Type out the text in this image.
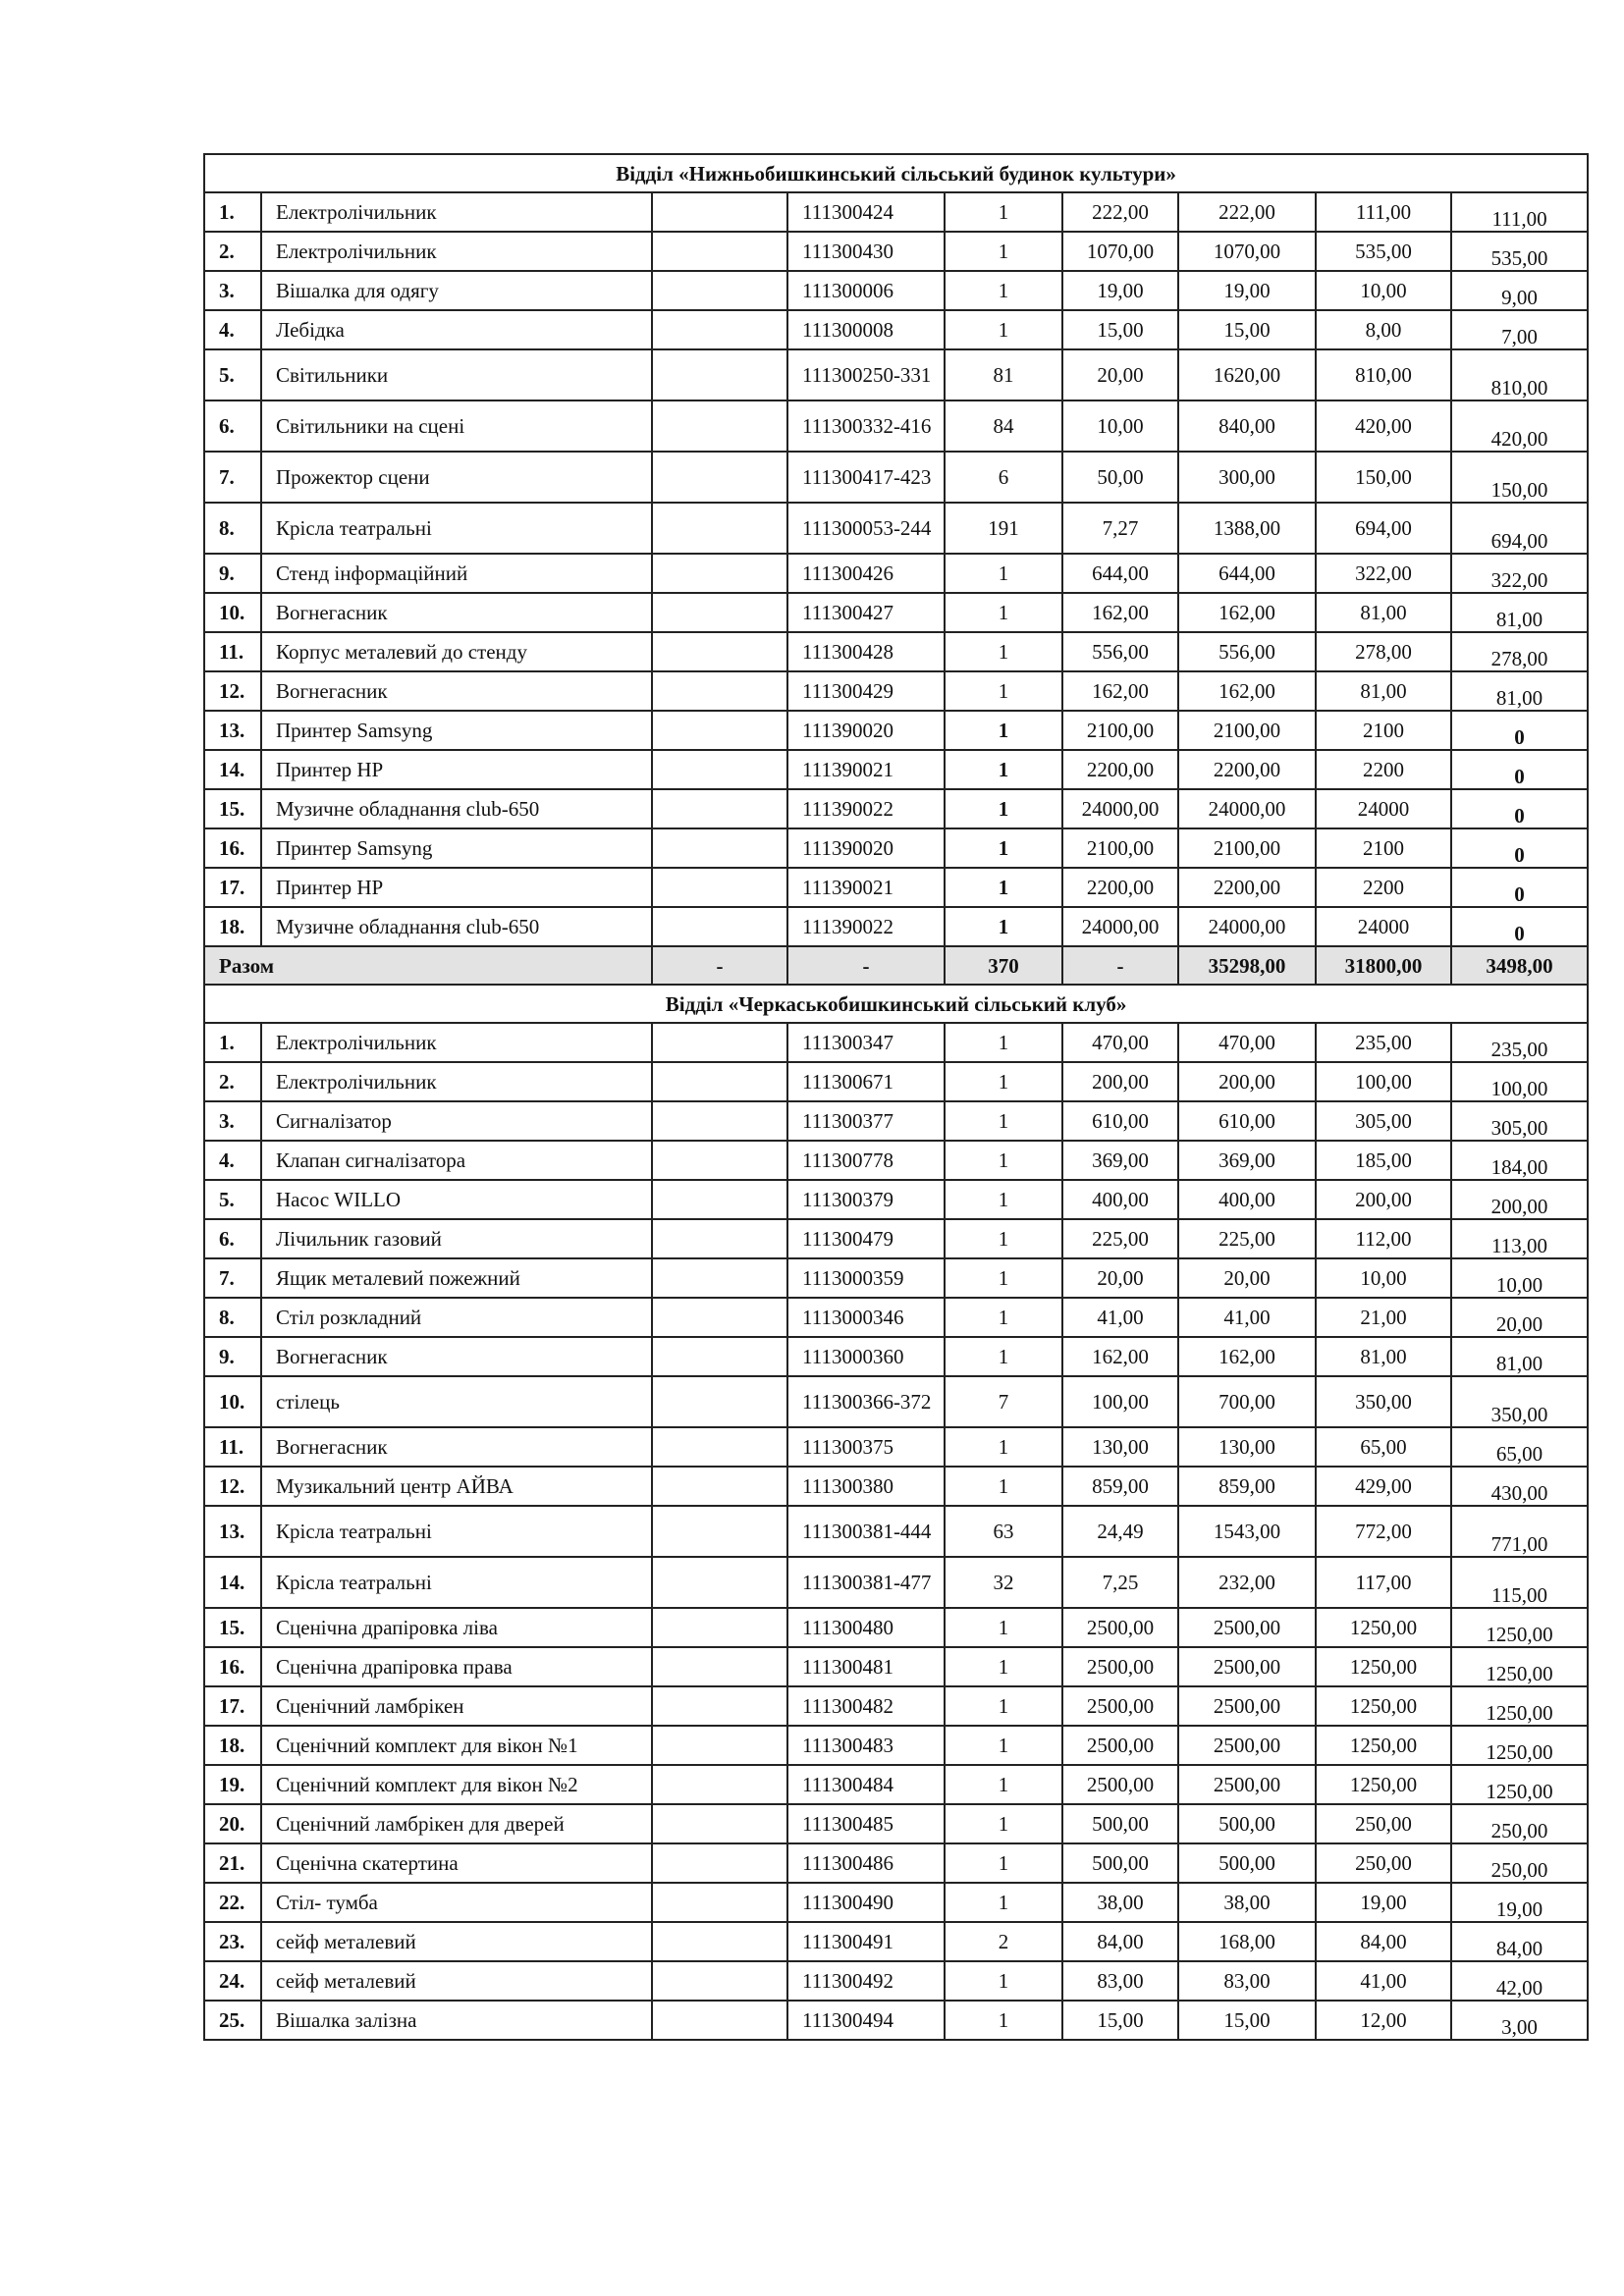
Відділ «Нижньобишкинський сільський будинок культури»								
1.	Електролічильник		111300424	1	222,00	222,00	111,00	111,00
2.	Електролічильник		111300430	1	1070,00	1070,00	535,00	535,00
3.	Вішалка для одягу		111300006	1	19,00	19,00	10,00	9,00
4.	Лебідка		111300008	1	15,00	15,00	8,00	7,00
5.	Світильники		111300250-331	81	20,00	1620,00	810,00	810,00
6.	Світильники на сцені		111300332-416	84	10,00	840,00	420,00	420,00
7.	Прожектор сцени		111300417-423	6	50,00	300,00	150,00	150,00
8.	Крісла театральні		111300053-244	191	7,27	1388,00	694,00	694,00
9.	Стенд інформаційний		111300426	1	644,00	644,00	322,00	322,00
10.	Вогнегасник		111300427	1	162,00	162,00	81,00	81,00
11.	Корпус металевий до стенду		111300428	1	556,00	556,00	278,00	278,00
12.	Вогнегасник		111300429	1	162,00	162,00	81,00	81,00
13.	Принтер Samsyng		111390020	1	2100,00	2100,00	2100	0
14.	Принтер НР		111390021	1	2200,00	2200,00	2200	0
15.	Музичне обладнання club-650		111390022	1	24000,00	24000,00	24000	0
16.	Принтер Samsyng		111390020	1	2100,00	2100,00	2100	0
17.	Принтер НР		111390021	1	2200,00	2200,00	2200	0
18.	Музичне обладнання club-650		111390022	1	24000,00	24000,00	24000	0
Разом		-	-	370	-	35298,00	31800,00	3498,00
Відділ «Черкаськобишкинський сільський клуб»								
1.	Електролічильник		111300347	1	470,00	470,00	235,00	235,00
2.	Електролічильник		111300671	1	200,00	200,00	100,00	100,00
3.	Сигналізатор		111300377	1	610,00	610,00	305,00	305,00
4.	Клапан сигналізатора		111300778	1	369,00	369,00	185,00	184,00
5.	Насос WILLO		111300379	1	400,00	400,00	200,00	200,00
6.	Лічильник газовий		111300479	1	225,00	225,00	112,00	113,00
7.	Ящик металевий пожежний		1113000359	1	20,00	20,00	10,00	10,00
8.	Стіл розкладний		1113000346	1	41,00	41,00	21,00	20,00
9.	Вогнегасник		1113000360	1	162,00	162,00	81,00	81,00
10.	стілець		111300366-372	7	100,00	700,00	350,00	350,00
11.	Вогнегасник		111300375	1	130,00	130,00	65,00	65,00
12.	Музикальний центр АЙВА		111300380	1	859,00	859,00	429,00	430,00
13.	Крісла театральні		111300381-444	63	24,49	1543,00	772,00	771,00
14.	Крісла театральні		111300381-477	32	7,25	232,00	117,00	115,00
15.	Сценічна драпіровка ліва		111300480	1	2500,00	2500,00	1250,00	1250,00
16.	Сценічна драпіровка права		111300481	1	2500,00	2500,00	1250,00	1250,00
17.	Сценічний ламбрікен		111300482	1	2500,00	2500,00	1250,00	1250,00
18.	Сценічний комплект для вікон №1		111300483	1	2500,00	2500,00	1250,00	1250,00
19.	Сценічний комплект для вікон №2		111300484	1	2500,00	2500,00	1250,00	1250,00
20.	Сценічний ламбрікен для дверей		111300485	1	500,00	500,00	250,00	250,00
21.	Сценічна скатертина		111300486	1	500,00	500,00	250,00	250,00
22.	Стіл- тумба		111300490	1	38,00	38,00	19,00	19,00
23.	сейф металевий		111300491	2	84,00	168,00	84,00	84,00
24.	сейф металевий		111300492	1	83,00	83,00	41,00	42,00
25.	Вішалка залізна		111300494	1	15,00	15,00	12,00	3,00
